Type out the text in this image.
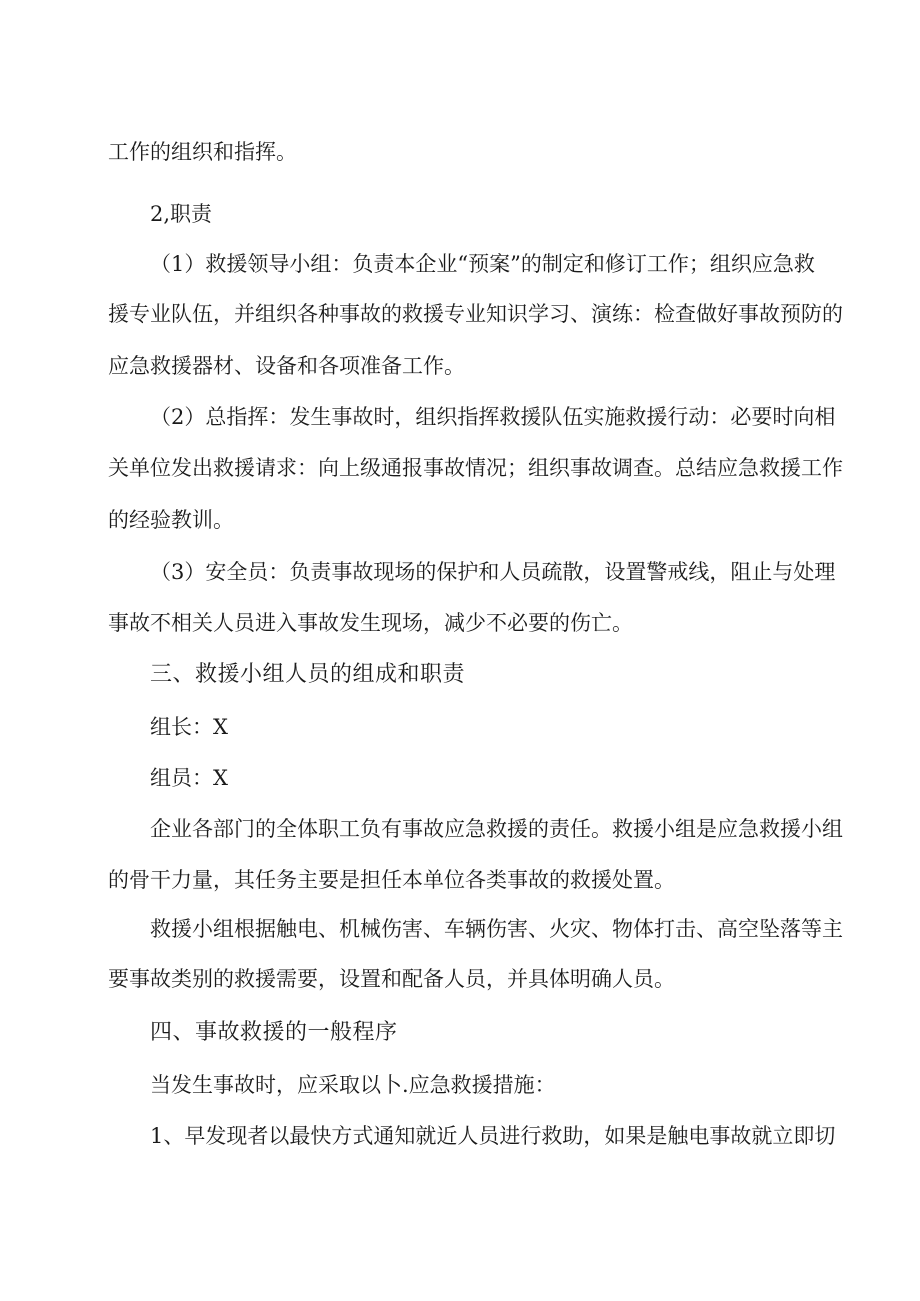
工作的组织和指挥。
2,职责
（1）救援领导小组：负责本企业“预案”的制定和修订工作；组织应急救
援专业队伍，并组织各种事故的救援专业知识学习、演练：检查做好事故预防的
应急救援器材、设备和各项准备工作。
（2）总指挥：发生事故时，组织指挥救援队伍实施救援行动：必要时向相
关单位发出救援请求：向上级通报事故情况；组织事故调查。总结应急救援工作
的经验教训。
（3）安全员：负责事故现场的保护和人员疏散，设置警戒线，阻止与处理
事故不相关人员进入事故发生现场，减少不必要的伤亡。
三、救援小组人员的组成和职责
组长：X
组员：X
企业各部门的全体职工负有事故应急救援的责任。救援小组是应急救援小组
的骨干力量，其任务主要是担任本单位各类事故的救援处置。
救援小组根据触电、机械伤害、车辆伤害、火灾、物体打击、高空坠落等主
要事故类别的救援需要，设置和配备人员，并具体明确人员。
四、事故救援的一般程序
当发生事故时，应采取以卜.应急救援措施：
1、早发现者以最快方式通知就近人员进行救助，如果是触电事故就立即切
